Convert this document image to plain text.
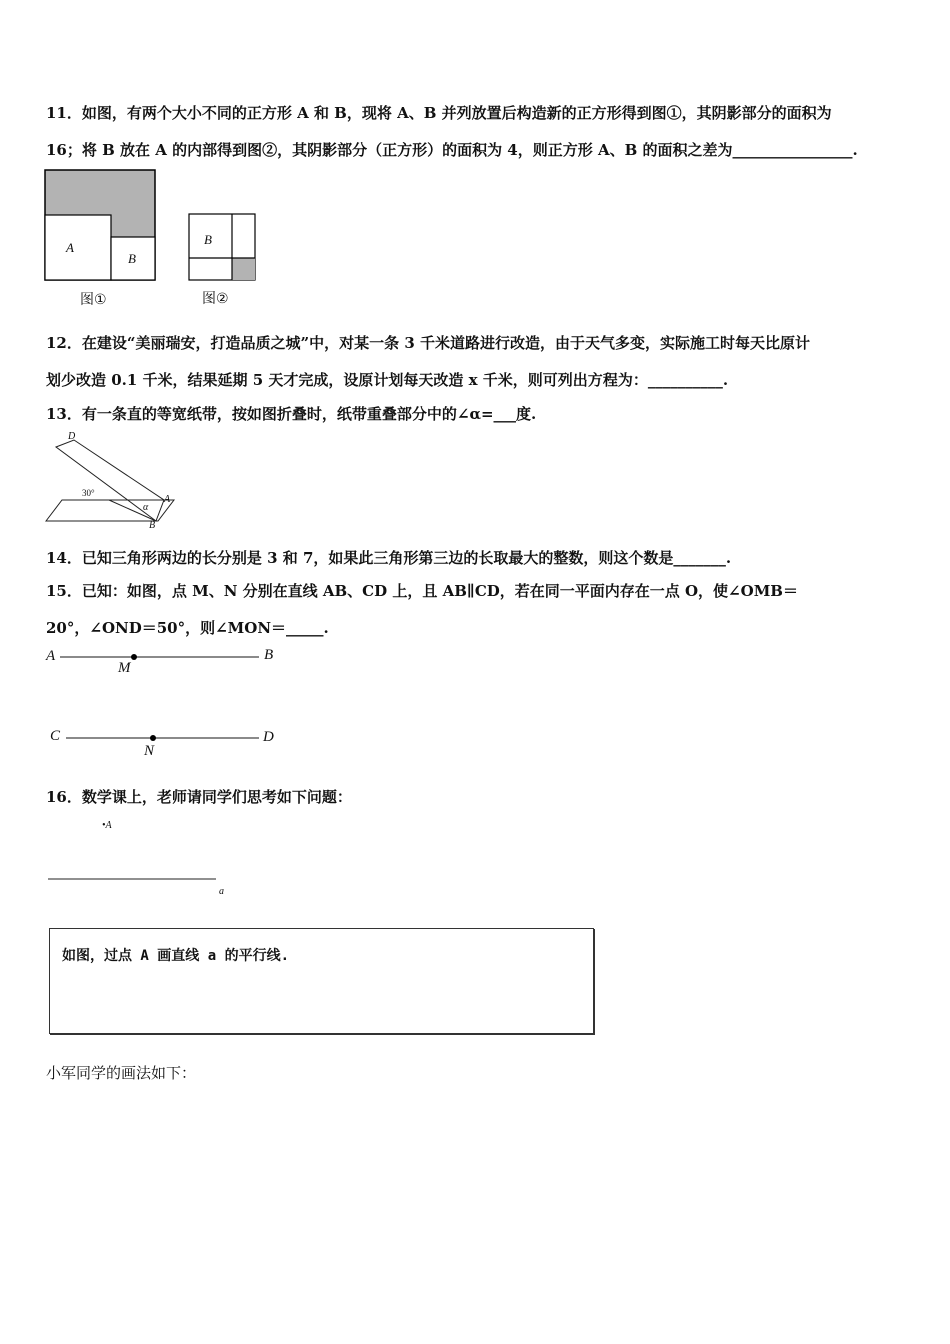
11．如图，有两个大小不同的正方形 A 和 B，现将 A、B 并列放置后构造新的正方形得到图①，其阴影部分的面积为
16；将 B 放在 A 的内部得到图②，其阴影部分（正方形）的面积为 4，则正方形 A、B 的面积之差为________________.
A
B
图①
B
图②
12．在建设“美丽瑞安，打造品质之城”中，对某一条 3 千米道路进行改造，由于天气多变，实际施工时每天比原计
划少改造 0.1 千米，结果延期 5 天才完成，设原计划每天改造 x 千米，则可列出方程为：__________.
13．有一条直的等宽纸带，按如图折叠时，纸带重叠部分中的∠α=___度.
D
30°
α
A
B
14．已知三角形两边的长分别是 3 和 7，如果此三角形第三边的长取最大的整数，则这个数是_______.
15．已知：如图，点 M、N 分别在直线 AB、CD 上，且 AB∥CD，若在同一平面内存在一点 O，使∠OMB＝
20°，∠OND＝50°，则∠MON＝_____.
A	B
M
C	D
N
16．数学课上，老师请同学们思考如下问题：
•A
a
如图，过点 A 画直线 a 的平行线.
小军同学的画法如下：
